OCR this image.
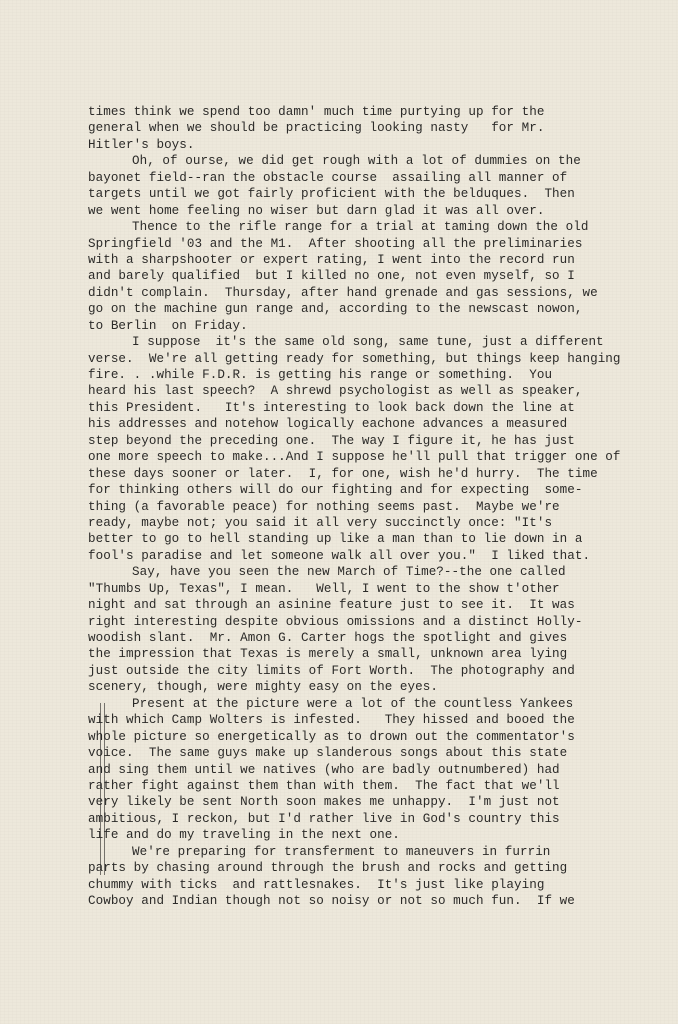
times think we spend too damn' much time purtying up for the
general when we should be practicing looking nasty   for Mr.
Hitler's boys.
Oh, of ourse, we did get rough with a lot of dummies on the
bayonet field--ran the obstacle course  assailing all manner of
targets until we got fairly proficient with the belduques.  Then
we went home feeling no wiser but darn glad it was all over.
Thence to the rifle range for a trial at taming down the old
Springfield '03 and the M1.  After shooting all the preliminaries
with a sharpshooter or expert rating, I went into the record run
and barely qualified  but I killed no one, not even myself, so I
didn't complain.  Thursday, after hand grenade and gas sessions, we
go on the machine gun range and, according to the newscast nowon,
to Berlin  on Friday.
I suppose  it's the same old song, same tune, just a different
verse.  We're all getting ready for something, but things keep hanging
fire. . .while F.D.R. is getting his range or something.  You
heard his last speech?  A shrewd psychologist as well as speaker,
this President.   It's interesting to look back down the line at
his addresses and notehow logically eachone advances a measured
step beyond the preceding one.  The way I figure it, he has just
one more speech to make...And I suppose he'll pull that trigger one of
these days sooner or later.  I, for one, wish he'd hurry.  The time
for thinking others will do our fighting and for expecting  some-
thing (a favorable peace) for nothing seems past.  Maybe we're
ready, maybe not; you said it all very succinctly once: "It's
better to go to hell standing up like a man than to lie down in a
fool's paradise and let someone walk all over you."  I liked that.
Say, have you seen the new March of Time?--the one called
"Thumbs Up, Texas", I mean.   Well, I went to the show t'other
night and sat through an asinine feature just to see it.  It was
right interesting despite obvious omissions and a distinct Holly-
woodish slant.  Mr. Amon G. Carter hogs the spotlight and gives
the impression that Texas is merely a small, unknown area lying
just outside the city limits of Fort Worth.  The photography and
scenery, though, were mighty easy on the eyes.
Present at the picture were a lot of the countless Yankees
with which Camp Wolters is infested.   They hissed and booed the
whole picture so energetically as to drown out the commentator's
voice.  The same guys make up slanderous songs about this state
and sing them until we natives (who are badly outnumbered) had
rather fight against them than with them.  The fact that we'll
very likely be sent North soon makes me unhappy.  I'm just not
ambitious, I reckon, but I'd rather live in God's country this
life and do my traveling in the next one.
We're preparing for transferment to maneuvers in furrin
parts by chasing around through the brush and rocks and getting
chummy with ticks  and rattlesnakes.  It's just like playing
Cowboy and Indian though not so noisy or not so much fun.  If we
